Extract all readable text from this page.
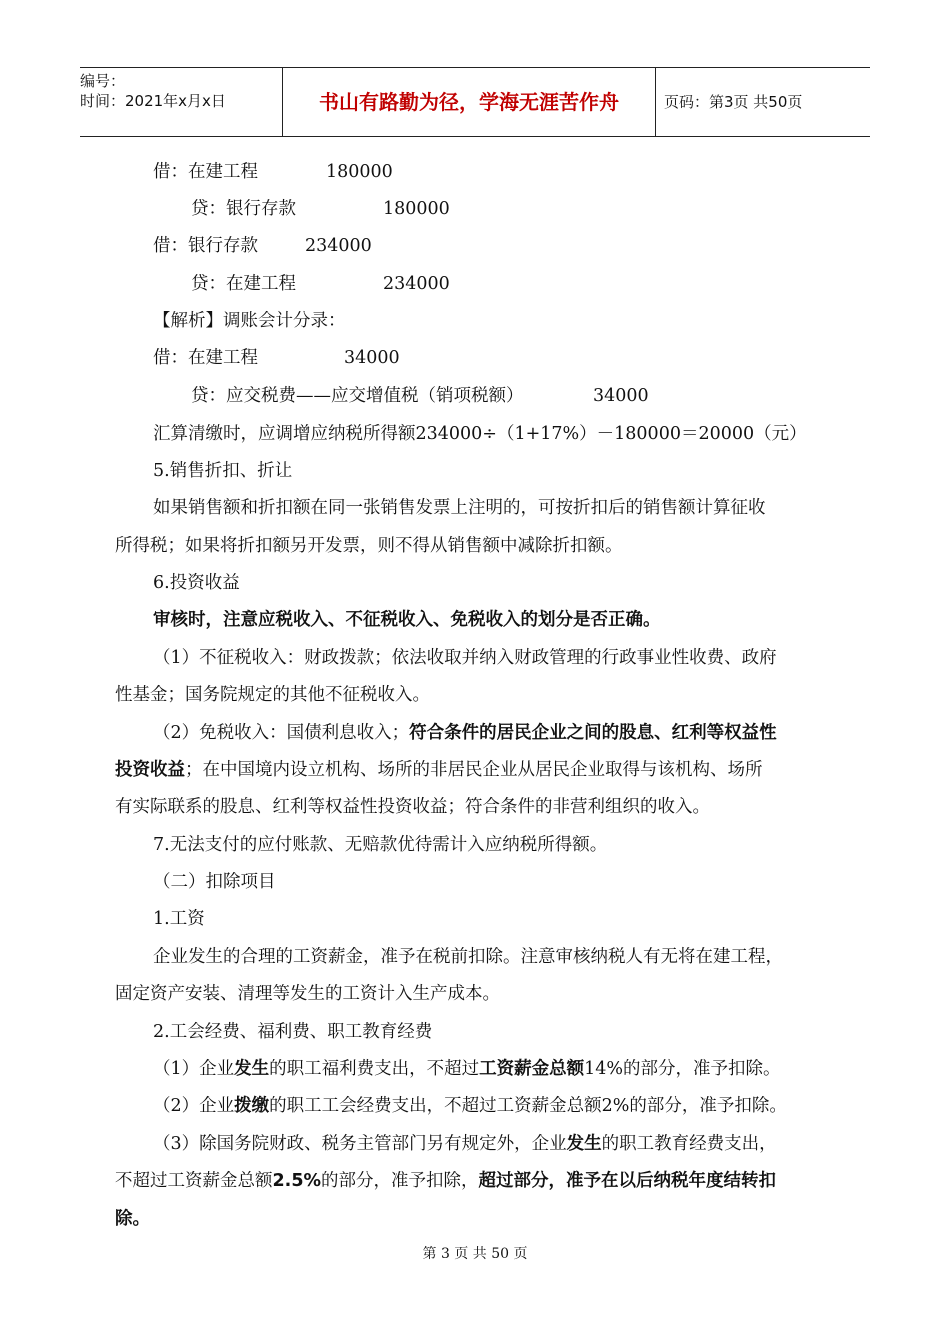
编号：
时间：2021年x月x日	书山有路勤为径，学海无涯苦作舟	页码：第3页 共50页
借：在建工程	180000
贷：银行存款	180000
借：银行存款	234000
贷：在建工程	234000
【解析】调账会计分录：
借：在建工程	34000
贷：应交税费——应交增值税（销项税额）	34000
汇算清缴时，应调增应纳税所得额234000÷（1+17%）－180000＝20000（元）
5.销售折扣、折让
如果销售额和折扣额在同一张销售发票上注明的，可按折扣后的销售额计算征收
所得税；如果将折扣额另开发票，则不得从销售额中减除折扣额。
6.投资收益
审核时，注意应税收入、不征税收入、免税收入的划分是否正确。
（1）不征税收入：财政拨款；依法收取并纳入财政管理的行政事业性收费、政府
性基金；国务院规定的其他不征税收入。
（2）免税收入：国债利息收入；符合条件的居民企业之间的股息、红利等权益性
投资收益；在中国境内设立机构、场所的非居民企业从居民企业取得与该机构、场所
有实际联系的股息、红利等权益性投资收益；符合条件的非营利组织的收入。
7.无法支付的应付账款、无赔款优待需计入应纳税所得额。
（二）扣除项目
1.工资
企业发生的合理的工资薪金，准予在税前扣除。注意审核纳税人有无将在建工程，
固定资产安装、清理等发生的工资计入生产成本。
2.工会经费、福利费、职工教育经费
（1）企业发生的职工福利费支出，不超过工资薪金总额14%的部分，准予扣除。
（2）企业拨缴的职工工会经费支出，不超过工资薪金总额2%的部分，准予扣除。
（3）除国务院财政、税务主管部门另有规定外，企业发生的职工教育经费支出，
不超过工资薪金总额2.5%的部分，准予扣除，超过部分，准予在以后纳税年度结转扣
除。
第 3 页 共 50 页
